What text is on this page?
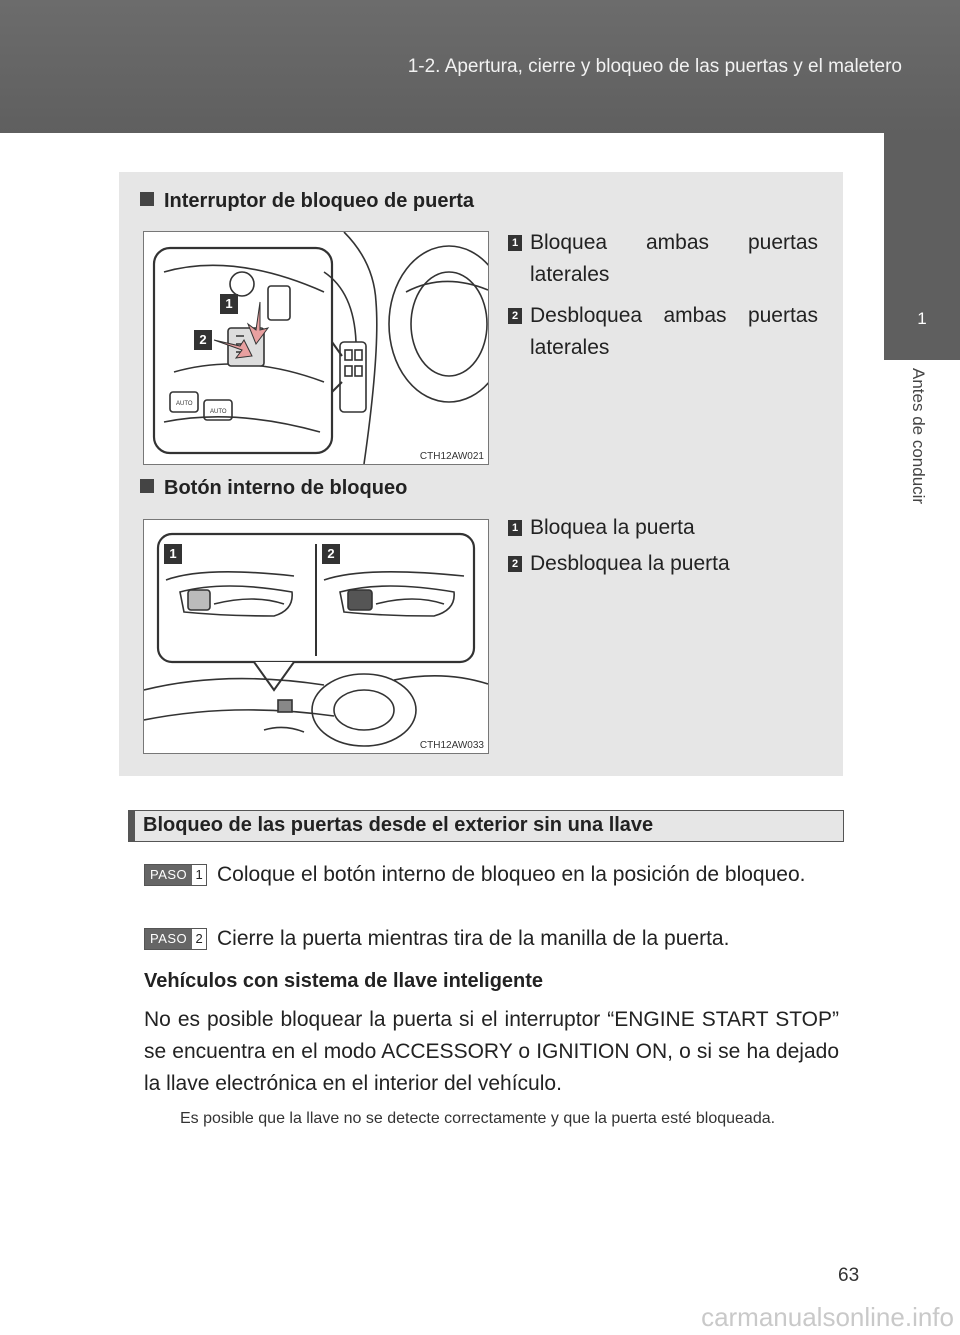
1-2. Apertura, cierre y bloqueo de las puertas y el maletero
1
Antes de conducir
Interruptor de bloqueo de puerta
AUTO
AUTO
1
2
CTH12AW021
1 Bloquea ambas puertas laterales
2 Desbloquea ambas puertas laterales
Botón interno de bloqueo
1	2
CTH12AW033
1 Bloquea la puerta
2 Desbloquea la puerta
Bloqueo de las puertas desde el exterior sin una llave
PASO 1 Coloque el botón interno de bloqueo en la posición de bloqueo.
PASO 2 Cierre la puerta mientras tira de la manilla de la puerta.
Vehículos con sistema de llave inteligente
No es posible bloquear la puerta si el interruptor “ENGINE START STOP” se encuentra en el modo ACCESSORY o IGNITION ON, o si se ha dejado la llave electrónica en el interior del vehículo.
Es posible que la llave no se detecte correctamente y que la puerta esté bloqueada.
63
carmanualsonline.info
